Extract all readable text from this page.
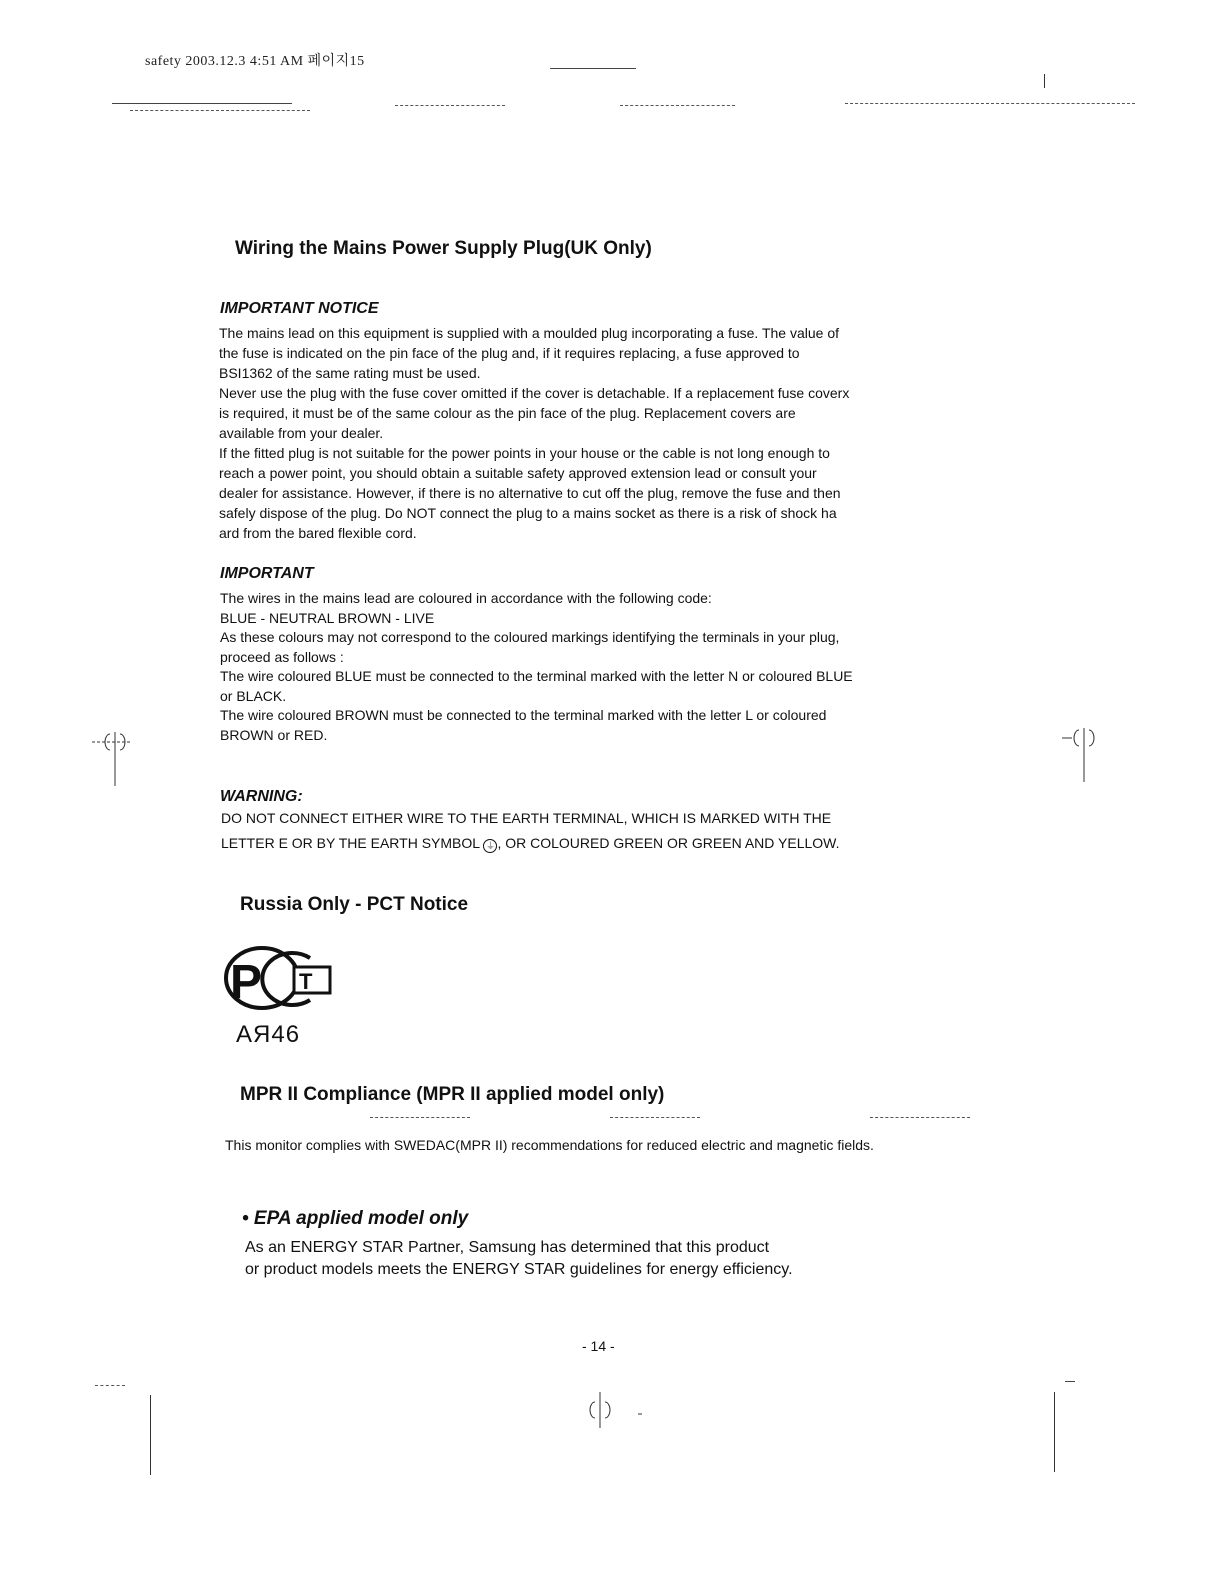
safety 2003.12.3 4:51 AM 페이지15
Wiring the Mains Power Supply Plug(UK Only)
IMPORTANT NOTICE

The mains lead on this equipment is supplied with a moulded plug incorporating a fuse. The value of

the fuse is indicated on the pin face of the plug and, if it requires replacing, a fuse approved to

BSI1362 of the same rating must be used.

Never use the plug with the fuse cover omitted if the cover is detachable. If a replacement fuse coverx

is required, it must be of the same colour as the pin face of the plug. Replacement covers are

available from your dealer.

If the fitted plug is not suitable for the power points in your house or the cable is not long enough to

reach a power point, you should obtain a suitable safety approved extension lead or consult your

dealer for assistance. However, if there is no alternative to cut off the plug, remove the fuse and then

safely dispose of the plug. Do NOT connect the plug to a mains socket as there is a risk of shock ha

ard from the bared flexible cord.

IMPORTANT

The wires in the mains lead are coloured in accordance with the following code:

BLUE - NEUTRAL BROWN - LIVE

As these colours may not correspond to the coloured markings identifying the terminals in your plug,

proceed as follows :

The wire coloured BLUE must be connected to the terminal marked with the letter N or coloured BLUE

or BLACK.

The wire coloured BROWN must be connected to the terminal marked with the letter L or coloured

BROWN or RED.

WARNING:
DO NOT CONNECT EITHER WIRE TO THE EARTH TERMINAL, WHICH IS MARKED WITH THE
LETTER E OR BY THE EARTH SYMBOL ⏚ , OR COLOURED GREEN OR GREEN AND YELLOW.
Russia Only - PCT Notice
P T
AЯ46
MPR II Compliance (MPR II applied model only)
This monitor complies with SWEDAC(MPR II) recommendations for reduced electric and magnetic fields.
• EPA applied model only
As an ENERGY STAR Partner, Samsung has determined that this product
or product models meets the ENERGY STAR guidelines for energy efficiency.
- 14 -
